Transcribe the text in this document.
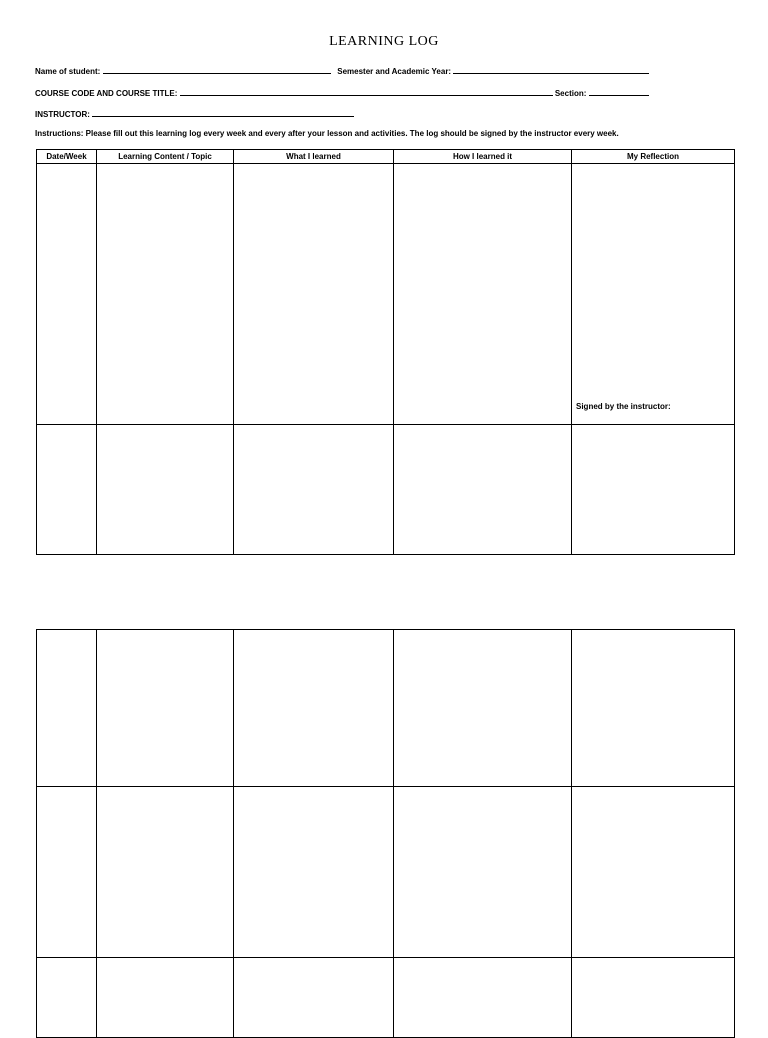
LEARNING LOG
Name of student:	Semester and Academic Year:
COURSE CODE AND COURSE TITLE:	Section:
INSTRUCTOR:
Instructions: Please fill out this learning log every week and every after your lesson and activities. The log should be signed by the instructor every week.
Date/Week	Learning Content / Topic	What I learned	How I learned it	My Reflection

				Signed by the instructor:
